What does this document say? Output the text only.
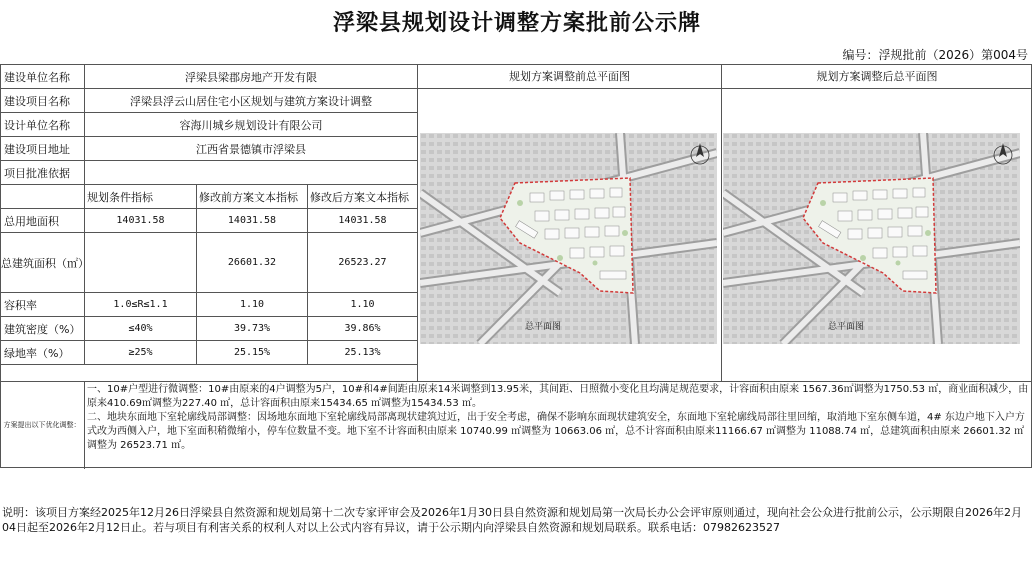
浮梁县规划设计调整方案批前公示牌
编号：浮规批前（2026）第004号
建设单位名称	浮梁县梁郡房地产开发有限		
建设项目名称	浮梁县浮云山居住宅小区规划与建筑方案设计调整		
设计单位名称	容海川城乡规划设计有限公司		
建设项目地址	江西省景德镇市浮梁县		
项目批准依据			
	规划条件指标	修改前方案文本指标	修改后方案文本指标
总用地面积	14031.58	14031.58	14031.58
总建筑面积（㎡）		26601.32	26523.27
容积率	1.0≤R≤1.1	1.10	1.10
建筑密度（%）	≤40%	39.73%	39.86%
绿地率（%）	≥25%	25.15%	25.13%
规划方案调整前总平面图	规划方案调整后总平面图
总平面图	总平面图
方案提出以下优化调整：
一、10#户型进行微调整：10#由原来的4户调整为5户，10#和4#间距由原来14米调整到13.95米，其间距、日照微小变化且均满足规范要求，计容面积由原来 1567.36㎡调整为1750.53 ㎡，商业面积减少，由原来410.69㎡调整为227.40 ㎡，总计容面积由原来15434.65 ㎡调整为15434.53 ㎡。
二、地块东面地下室轮廓线局部调整：因场地东面地下室轮廓线局部离现状建筑过近，出于安全考虑，确保不影响东面现状建筑安全，东面地下室轮廓线局部往里回缩，取消地下室东侧车道，4# 东边户地下入户方式改为西侧入户，地下室面积稍微缩小，停车位数量不变。地下室不计容面积由原来 10740.99 ㎡调整为 10663.06 ㎡，总不计容面积由原来11166.67 ㎡调整为 11088.74 ㎡，总建筑面积由原来 26601.32 ㎡调整为 26523.71 ㎡。
说明：该项目方案经2025年12月26日浮梁县自然资源和规划局第十二次专家评审会及2026年1月30日县自然资源和规划局第一次局长办公会评审原则通过，现向社会公众进行批前公示，公示期限自2026年2月04日起至2026年2月12日止。若与项目有利害关系的权利人对以上公式内容有异议，请于公示期内向浮梁县自然资源和规划局联系。联系电话：07982623527
